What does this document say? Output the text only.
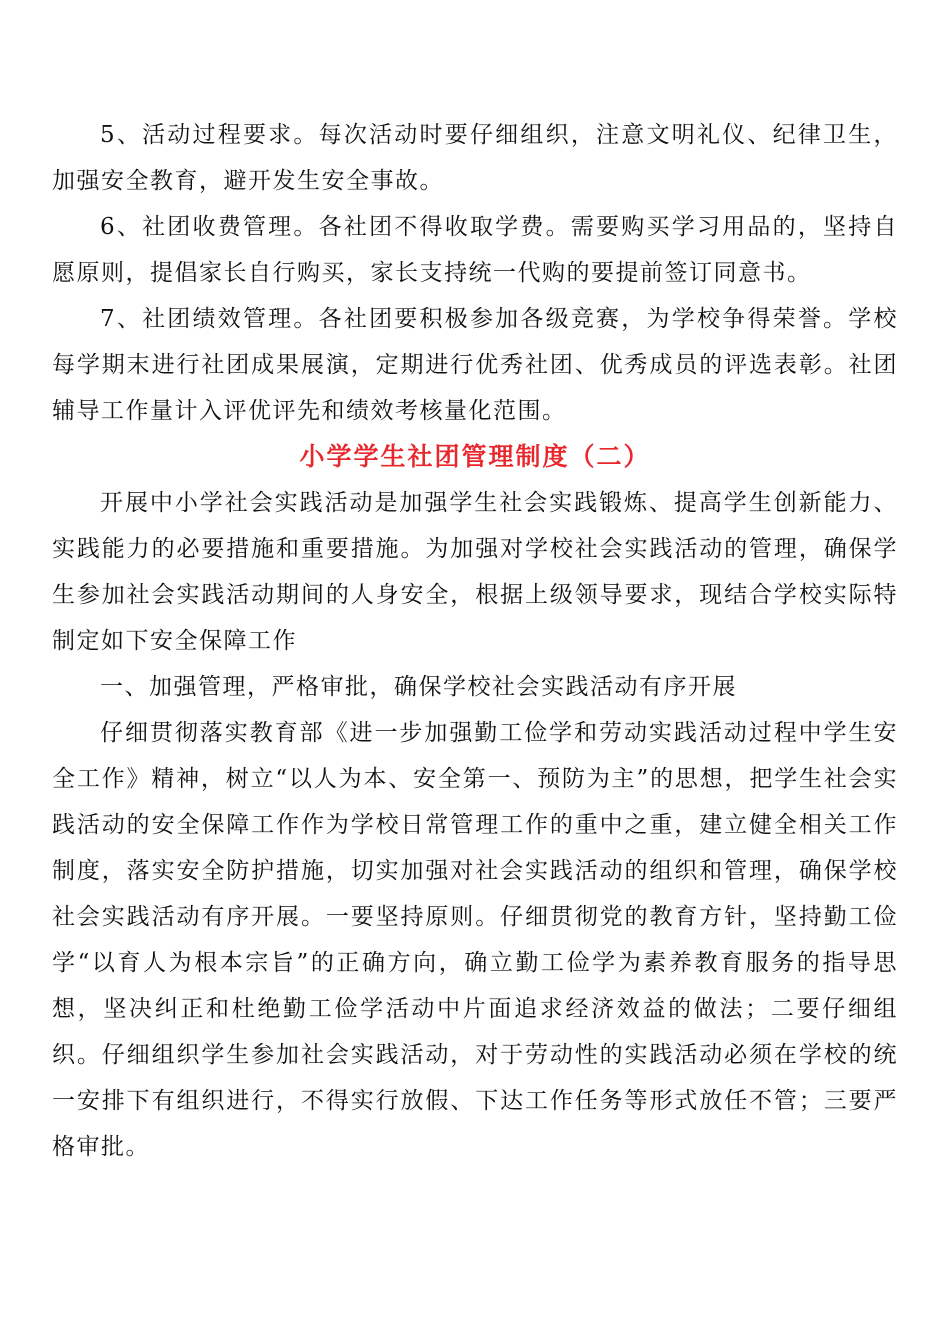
5、活动过程要求。每次活动时要仔细组织，注意文明礼仪、纪律卫生，加强安全教育，避开发生安全事故。

6、社团收费管理。各社团不得收取学费。需要购买学习用品的，坚持自愿原则，提倡家长自行购买，家长支持统一代购的要提前签订同意书。

7、社团绩效管理。各社团要积极参加各级竞赛，为学校争得荣誉。学校每学期末进行社团成果展演，定期进行优秀社团、优秀成员的评选表彰。社团辅导工作量计入评优评先和绩效考核量化范围。

小学学生社团管理制度（二）

开展中小学社会实践活动是加强学生社会实践锻炼、提高学生创新能力、实践能力的必要措施和重要措施。为加强对学校社会实践活动的管理，确保学生参加社会实践活动期间的人身安全，根据上级领导要求，现结合学校实际特制定如下安全保障工作

一、加强管理，严格审批，确保学校社会实践活动有序开展

仔细贯彻落实教育部《进一步加强勤工俭学和劳动实践活动过程中学生安全工作》精神，树立“以人为本、安全第一、预防为主”的思想，把学生社会实践活动的安全保障工作作为学校日常管理工作的重中之重，建立健全相关工作制度，落实安全防护措施，切实加强对社会实践活动的组织和管理，确保学校社会实践活动有序开展。一要坚持原则。仔细贯彻党的教育方针，坚持勤工俭学“以育人为根本宗旨”的正确方向，确立勤工俭学为素养教育服务的指导思想，坚决纠正和杜绝勤工俭学活动中片面追求经济效益的做法；二要仔细组织。仔细组织学生参加社会实践活动，对于劳动性的实践活动必须在学校的统一安排下有组织进行，不得实行放假、下达工作任务等形式放任不管；三要严格审批。
